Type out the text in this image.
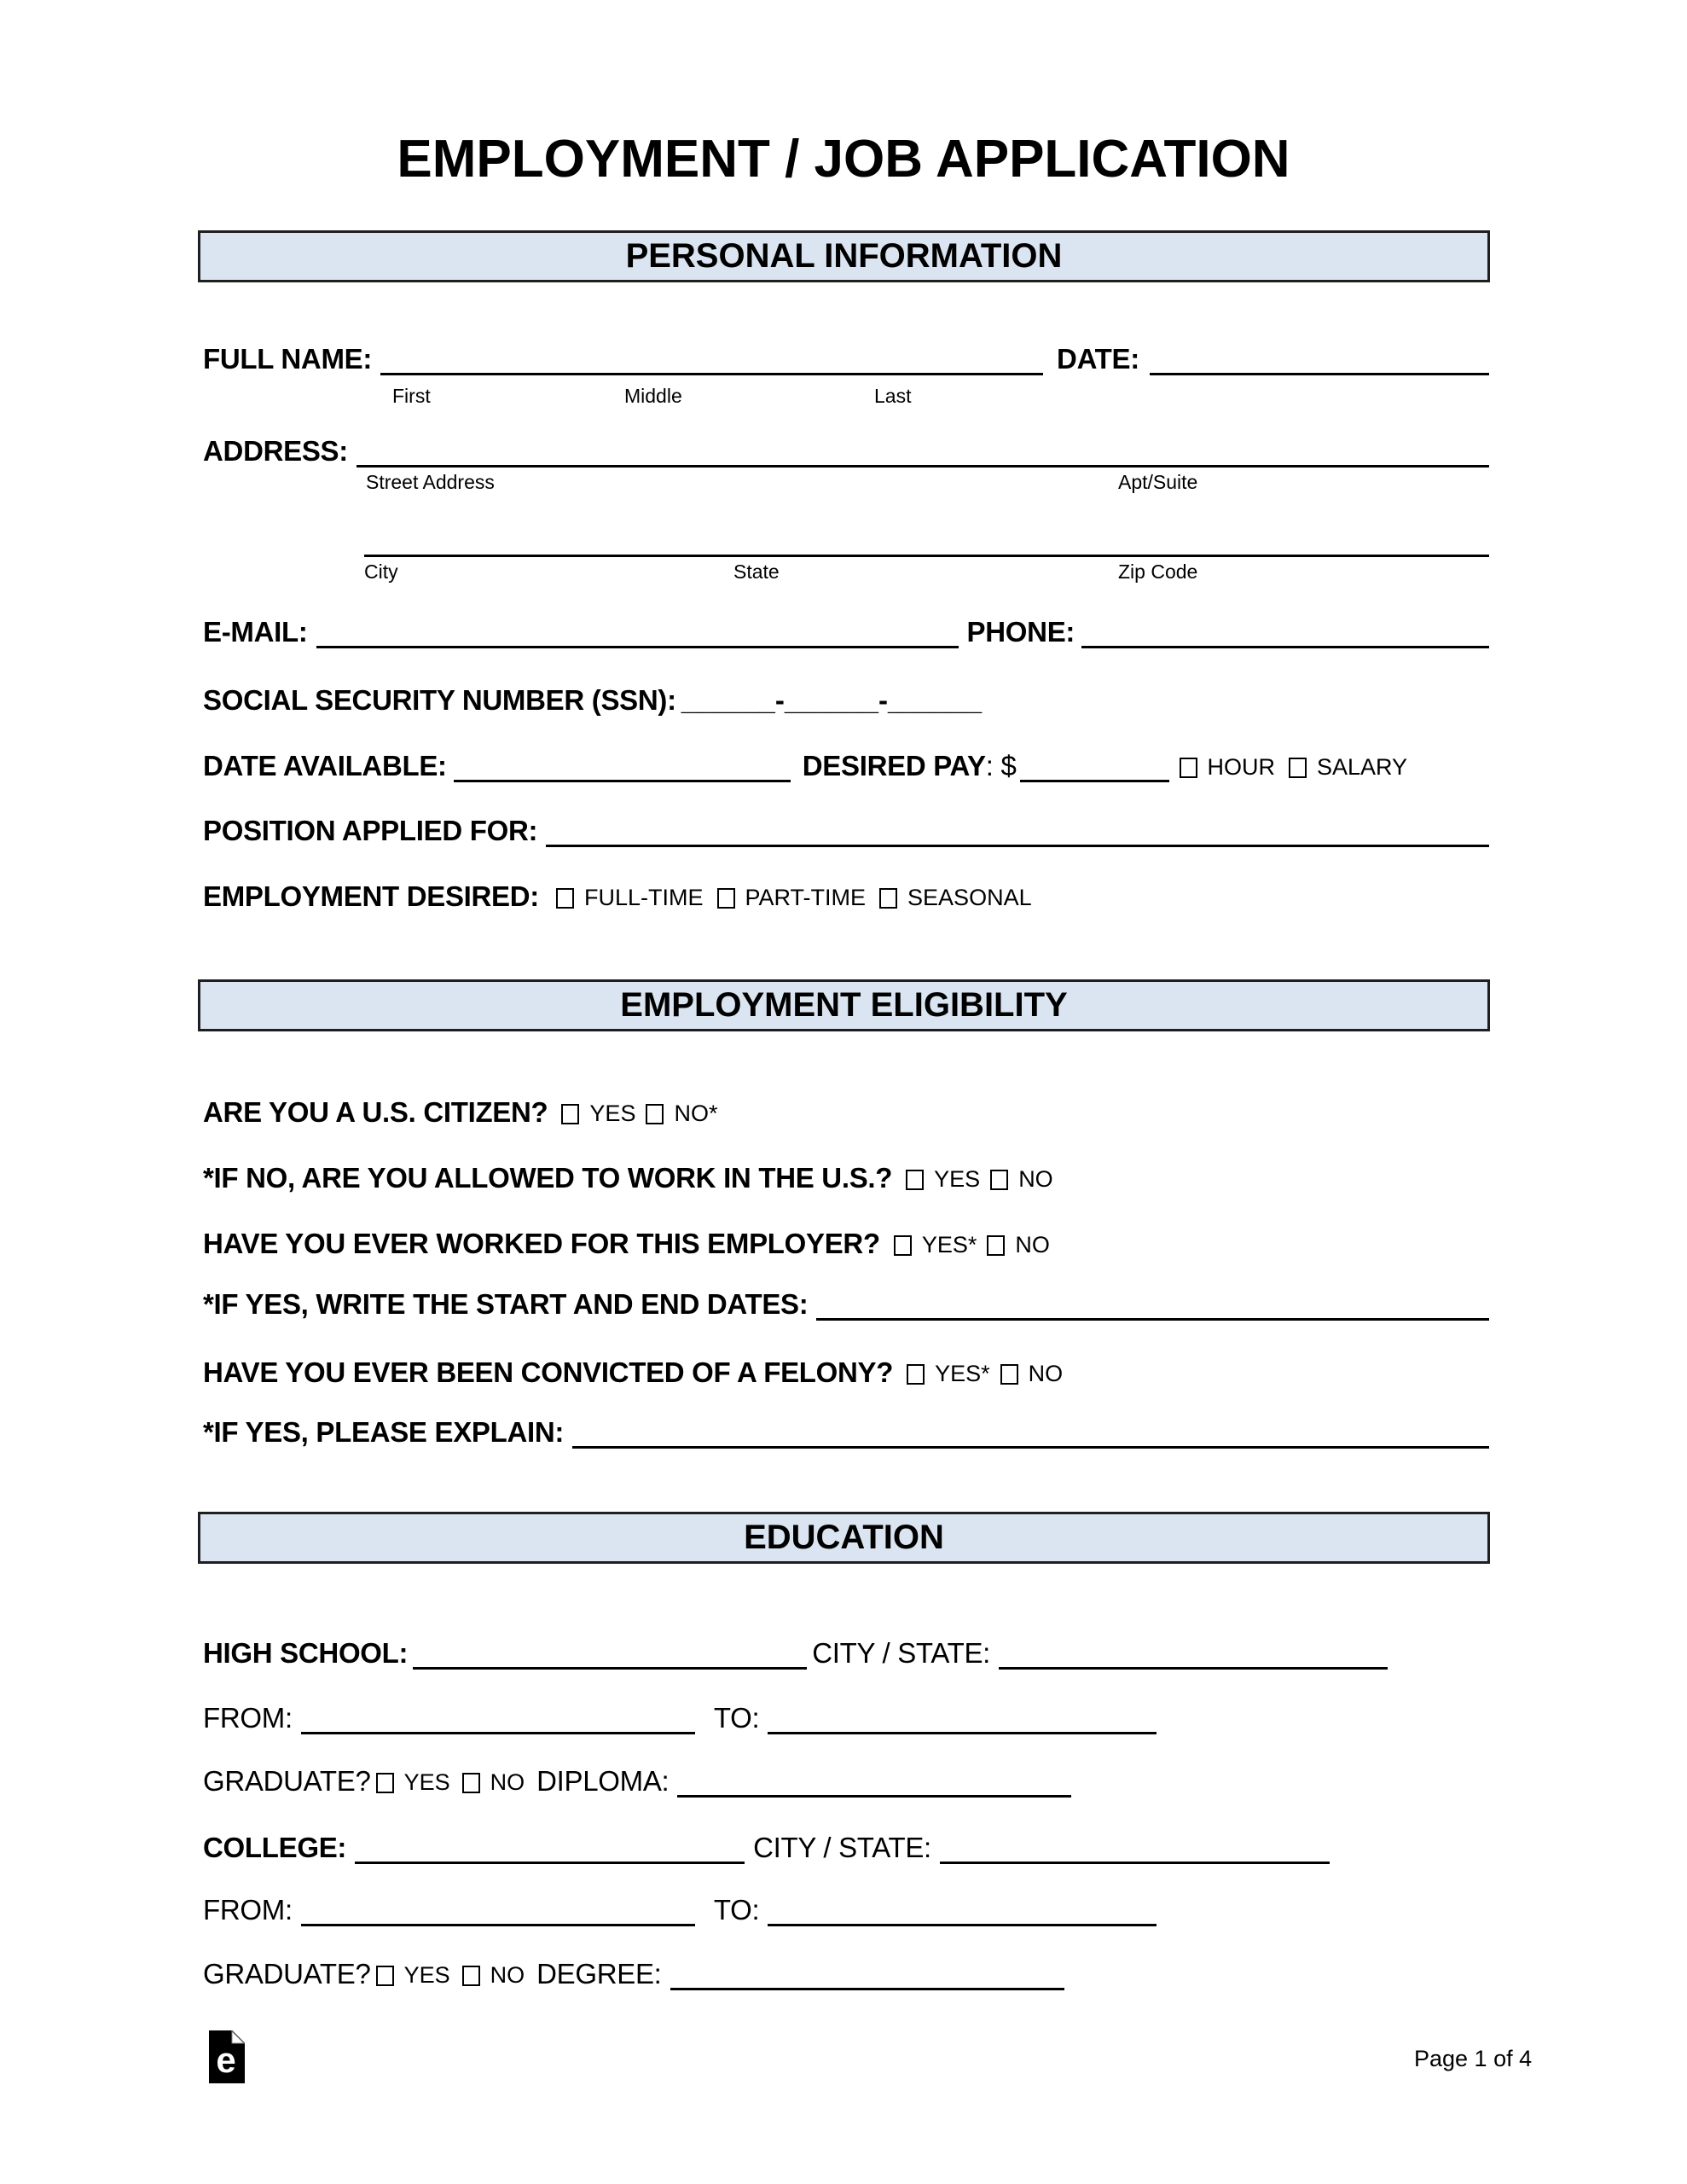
EMPLOYMENT / JOB APPLICATION
PERSONAL INFORMATION
FULL NAME:	DATE:
First	Middle	Last
ADDRESS:
Street Address	Apt/Suite
City	State	Zip Code
E-MAIL:	PHONE:
SOCIAL SECURITY NUMBER (SSN): ______-______-______
DATE AVAILABLE:	DESIRED PAY : $	HOUR SALARY
POSITION APPLIED FOR:
EMPLOYMENT DESIRED: FULL-TIME PART-TIME SEASONAL
EMPLOYMENT ELIGIBILITY
ARE YOU A U.S. CITIZEN? YES NO*
*IF NO, ARE YOU ALLOWED TO WORK IN THE U.S.? YES NO
HAVE YOU EVER WORKED FOR THIS EMPLOYER? YES* NO
*IF YES, WRITE THE START AND END DATES:
HAVE YOU EVER BEEN CONVICTED OF A FELONY? YES* NO
*IF YES, PLEASE EXPLAIN:
EDUCATION
HIGH SCHOOL:	CITY / STATE:
FROM:	TO:
GRADUATE? YES NO DIPLOMA:
COLLEGE:	CITY / STATE:
FROM:	TO:
GRADUATE? YES NO DEGREE:
e	Page 1 of 4
